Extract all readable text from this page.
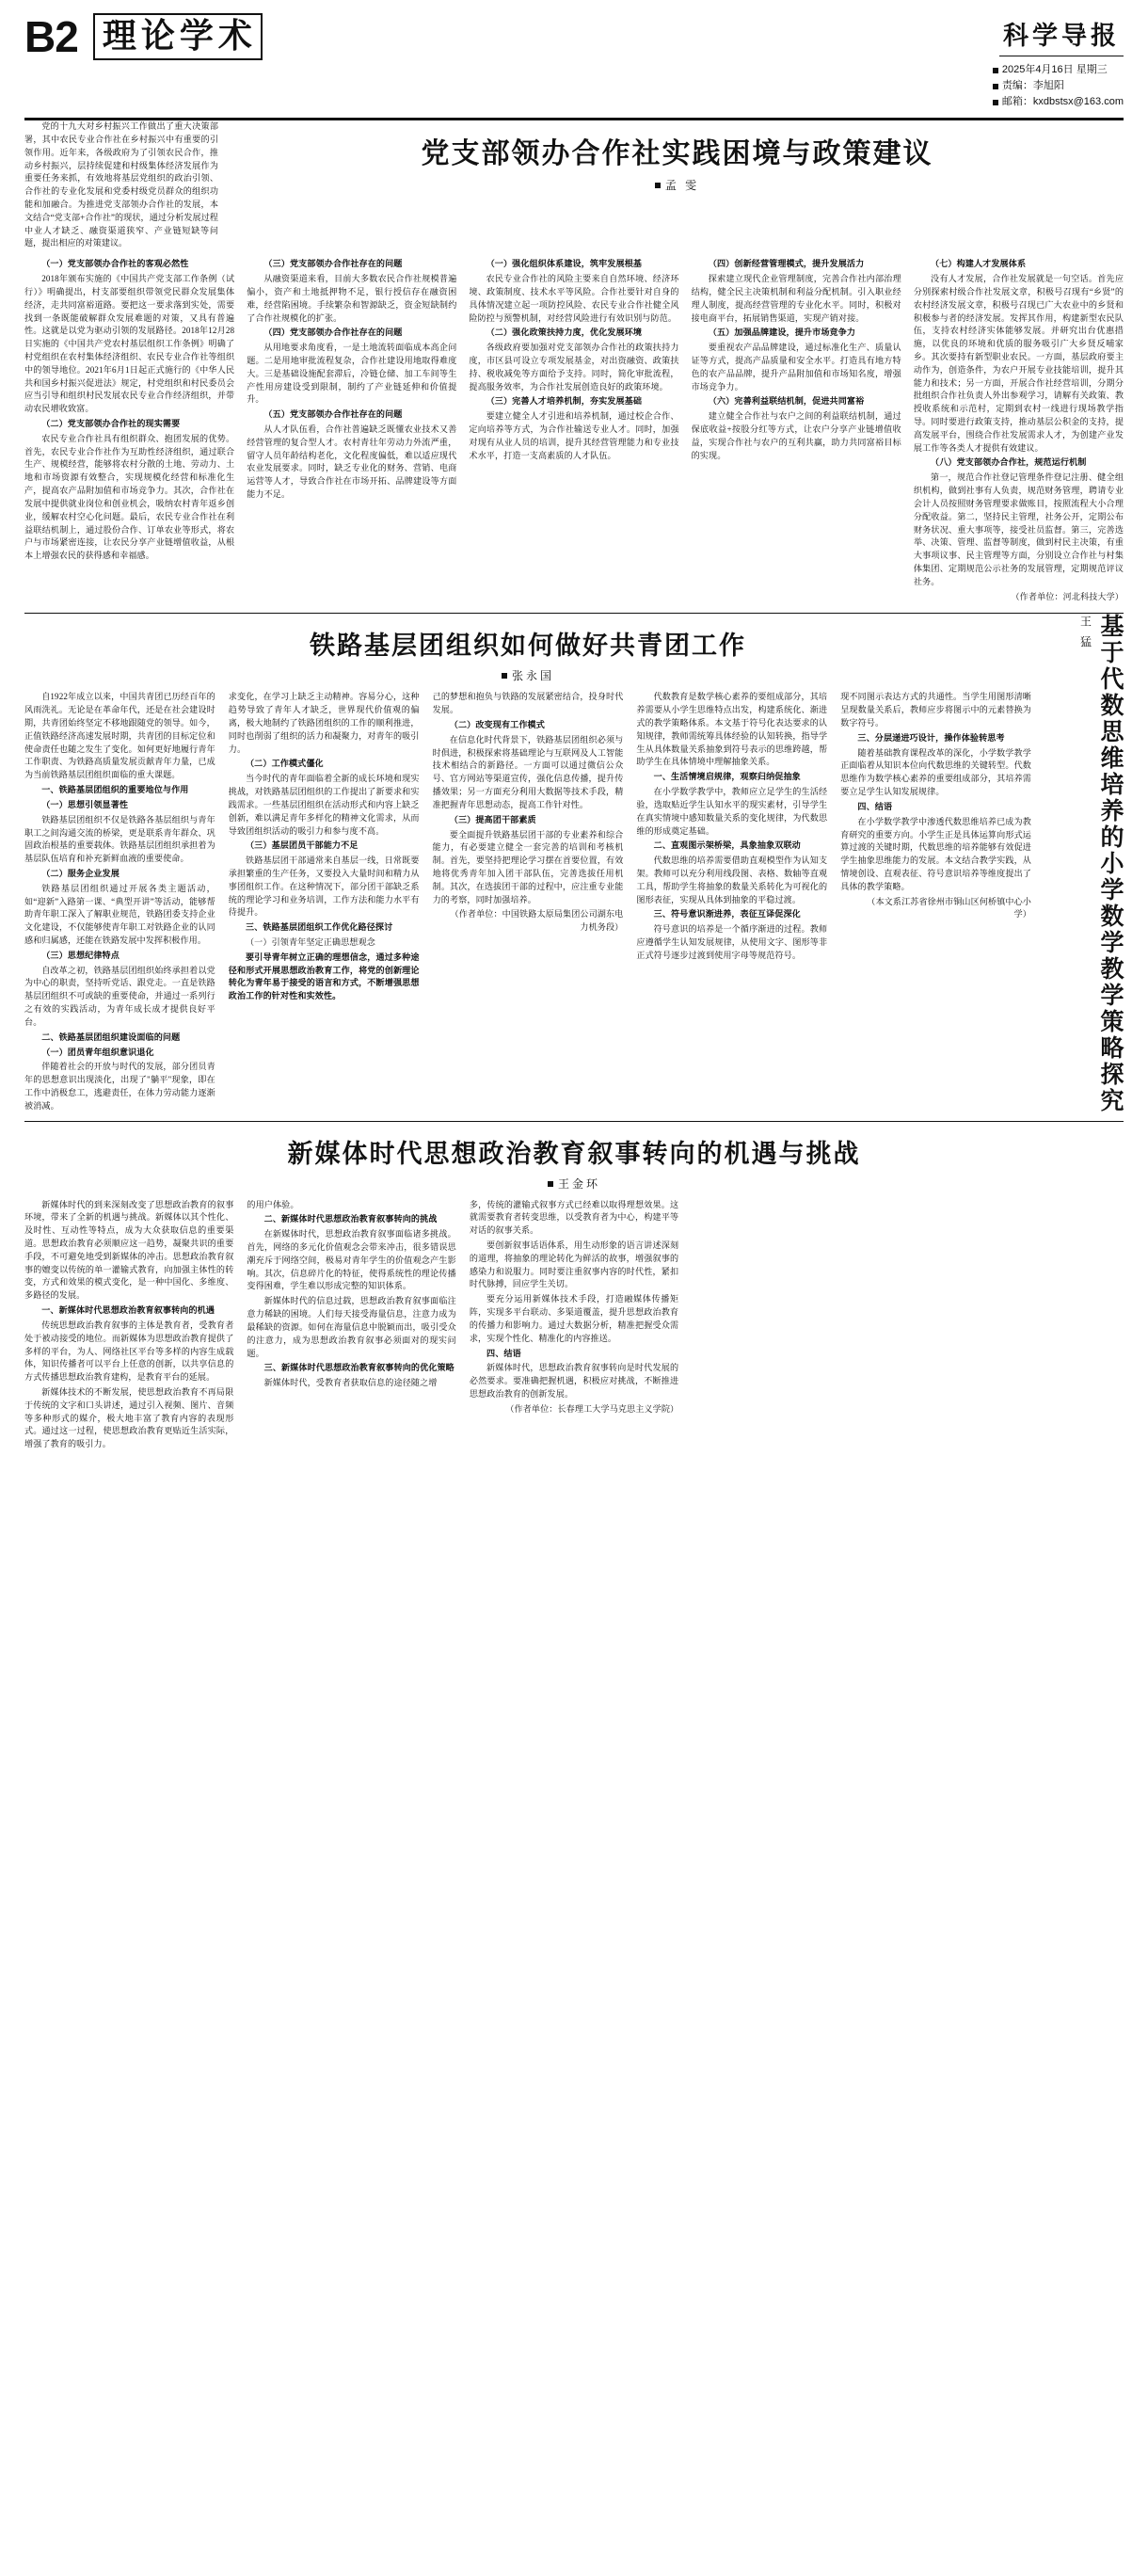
B2 理 论 学 术	科学导报
2025年4月16日 星期三
责编：李旭阳
邮箱：kxdbstsx@163.com

党的十九大对乡村振兴工作做出了重大决策部署，其中农民专业合作社在乡村振兴中有重要的引领作用。近年来，各级政府为了引领农民合作，推动乡村振兴，层持续促建和村级集体经济发展作为重要任务来抓，有效地将基层党组织的政治引领、合作社的专业化发展和党委村级党员群众的组织功能和加融合。为推进党支部领办合作社的发展，本文结合“党支部+合作社”的现状，通过分析发展过程中业人才缺乏、融资渠道狭窄、产业链短缺等问题，提出相应的对策建议。

党支部领办合作社实践困境与政策建议
孟 雯

（一）党支部领办合作社的客观必然性

2018年颁布实施的《中国共产党支部工作条例（试行）》明确提出，村支部要组织带领党民群众发展集体经济，走共同富裕道路。要把这一要求落到实处，需要找到一条既能破解群众发展难题的对策，又具有普遍性。这就是以党为驱动引领的发展路径。2018年12月28日实施的《中国共产党农村基层组织工作条例》明确了村党组织在农村集体经济组织、农民专业合作社等组织中的领导地位。2021年6月1日起正式施行的《中华人民共和国乡村振兴促进法》规定，村党组织和村民委员会应当引导和组织村民发展农民专业合作经济组织，并带动农民增收致富。

（二）党支部领办合作社的现实需要

农民专业合作社具有组织群众、抱团发展的优势。首先，农民专业合作社作为互助性经济组织，通过联合生产、规模经营，能够将农村分散的土地、劳动力、土地和市场资源有效整合，实现规模化经营和标准化生产，提高农产品附加值和市场竞争力。其次，合作社在发展中提供就业岗位和创业机会，吸纳农村青年返乡创业，缓解农村空心化问题。最后，农民专业合作社在利益联结机制上，通过股份合作、订单农业等形式，将农户与市场紧密连接，让农民分享产业链增值收益，从根本上增强农民的获得感和幸福感。

（三）党支部领办合作社存在的问题

从融资渠道来看，目前大多数农民合作社规模普遍偏小，资产和土地抵押物不足，银行授信存在融资困难，经营陷困境。手续繁杂和智源缺乏，资金短缺制约了合作社规模化的扩张。

（四）党支部领办合作社存在的问题

从用地要求角度看，一是土地流转面临成本高企问题。二是用地审批流程复杂，合作社建设用地取得难度大。三是基础设施配套滞后，冷链仓储、加工车间等生产性用房建设受到限制，制约了产业链延伸和价值提升。

（五）党支部领办合作社存在的问题

从人才队伍看，合作社普遍缺乏既懂农业技术又善经营管理的复合型人才。农村青壮年劳动力外流严重，留守人员年龄结构老化，文化程度偏低，难以适应现代农业发展要求。同时，缺乏专业化的财务、营销、电商运营等人才，导致合作社在市场开拓、品牌建设等方面能力不足。

（一）强化组织体系建设，筑牢发展根基

农民专业合作社的风险主要来自自然环境、经济环境、政策制度、技术水平等风险。合作社要针对自身的具体情况建立起一项防控风险、农民专业合作社健全风险防控与预警机制，对经营风险进行有效识别与防范。

（二）强化政策扶持力度，优化发展环境

各级政府要加强对党支部领办合作社的政策扶持力度，市区县可设立专项发展基金，对出资融资、政策扶持、税收减免等方面给予支持。同时，简化审批流程，提高服务效率，为合作社发展创造良好的政策环境。

（三）完善人才培养机制，夯实发展基础

要建立健全人才引进和培养机制，通过校企合作、定向培养等方式，为合作社输送专业人才。同时，加强对现有从业人员的培训，提升其经营管理能力和专业技术水平，打造一支高素质的人才队伍。

（四）创新经营管理模式，提升发展活力

探索建立现代企业管理制度，完善合作社内部治理结构，健全民主决策机制和利益分配机制。引入职业经理人制度，提高经营管理的专业化水平。同时，积极对接电商平台，拓展销售渠道，实现产销对接。

（五）加强品牌建设，提升市场竞争力

要重视农产品品牌建设，通过标准化生产、质量认证等方式，提高产品质量和安全水平。打造具有地方特色的农产品品牌，提升产品附加值和市场知名度，增强市场竞争力。

（六）完善利益联结机制，促进共同富裕

建立健全合作社与农户之间的利益联结机制，通过保底收益+按股分红等方式，让农户分享产业链增值收益，实现合作社与农户的互利共赢，助力共同富裕目标的实现。

（七）构建人才发展体系

没有人才发展，合作社发展就是一句空话。首先应分别探索村级合作社发展文章，积极号召现有“乡贤”的农村经济发展文章，积极号召现已广大农业中的乡贤和积极参与者的经济发展。发挥其作用，构建新型农民队伍，支持农村经济实体能够发展。并研究出台优惠措施，以优良的环境和优质的服务吸引广大乡贤反哺家乡。其次要持有新型职业农民。一方面，基层政府要主动作为，创造条件，为农户开展专业技能培训，提升其能力和技术；另一方面，开展合作社经营培训，分期分批组织合作社负责人外出参观学习，请解有关政策、教授收系统和示范村，定期到农村一线进行现场教学指导。同时要进行政策支持，推动基层公积金的支持，提高发展平台，围绕合作社发展需求人才，为创建产业发展工作等各类人才提供有效建议。

（八）党支部领办合作社，规范运行机制

第一，规范合作社登记管理条件登记注册、健全组织机构，做到社事有人负责，规范财务管理，聘请专业会计人员按照财务管理要求做账目，按照流程大小合理分配收益。第二，坚持民主管理，社务公开，定期公布财务状况、重大事项等，接受社员监督。第三，完善选举、决策、管理、监督等制度，做到村民主决策，有重大事项议事、民主管理等方面，分别设立合作社与村集体集团、定期规范公示社务的发展管理，定期规范评议社务。

（作者单位：河北科技大学）

铁路基层团组织如何做好共青团工作
张永国

自1922年成立以来，中国共青团已历经百年的风雨洗礼。无论是在革命年代，还是在社会建设时期，共青团始终坚定不移地跟随党的领导。如今，正值铁路经济高速发展时期，共青团的目标定位和使命责任也随之发生了变化。如何更好地履行青年工作职责、为铁路高质量发展贡献青年力量，已成为当前铁路基层团组织面临的重大课题。

一、铁路基层团组织的重要地位与作用

（一）思想引领显著性

铁路基层团组织不仅是铁路各基层组织与青年职工之间沟通交流的桥梁，更是联系青年群众、巩固政治根基的重要载体。铁路基层团组织承担着为基层队伍培育和补充新鲜血液的重要使命。

（二）服务企业发展

铁路基层团组织通过开展各类主题活动，如“迎新”入路第一课、“典型开讲”等活动，能够帮助青年职工深入了解职业规范，铁路团委支持企业文化建设，不仅能够使青年职工对铁路企业的认同感和归属感，还能在铁路发展中发挥积极作用。

（三）思想纪律特点

自改革之初，铁路基层团组织始终承担着以党为中心的职责，坚持听党话、跟党走。一直是铁路基层团组织不可或缺的重要使命，并通过一系列行之有效的实践活动，为青年成长成才提供良好平台。

二、铁路基层团组织建设面临的问题

（一）团员青年组织意识退化

伴随着社会的开放与时代的发展，部分团员青年的思想意识出现淡化，出现了"躺平"现象，即在工作中消极怠工，逃避责任，在体力劳动能力逐渐被消减。

求变化，在学习上缺乏主动精神。容易分心，这种趋势导致了青年人才缺乏，世界现代价值观的偏离，极大地制约了铁路团组织的工作的顺利推进，同时也削弱了组织的活力和凝聚力，对青年的吸引力。

（二）工作模式僵化

当今时代的青年面临着全新的成长环境和现实挑战，对铁路基层团组织的工作提出了新要求和实践需求。一些基层团组织在活动形式和内容上缺乏创新，难以满足青年多样化的精神文化需求，从而导致团组织活动的吸引力和参与度不高。

（三）基层团员干部能力不足

铁路基层团干部通常来自基层一线，日常既要承担繁重的生产任务，又要投入大量时间和精力从事团组织工作。在这种情况下，部分团干部缺乏系统的理论学习和业务培训，工作方法和能力水平有待提升。

三、铁路基层团组织工作优化路径探讨

（一）引领青年坚定正确思想观念

要引导青年树立正确的理想信念，通过多种途径和形式开展思想政治教育工作，将党的创新理论转化为青年易于接受的语言和方式，不断增强思想政治工作的针对性和实效性。

己的梦想和抱负与铁路的发展紧密结合，投身时代发展。

（二）改变现有工作模式

在信息化时代背景下，铁路基层团组织必须与时俱进，积极探索将基础理论与互联网及人工智能技术相结合的新路径。一方面可以通过微信公众号、官方网站等渠道宣传，强化信息传播，提升传播效果；另一方面充分利用大数据等技术手段，精准把握青年思想动态，提高工作针对性。

（三）提高团干部素质

要全面提升铁路基层团干部的专业素养和综合能力，有必要建立健全一套完善的培训和考核机制。首先，要坚持把理论学习摆在首要位置，有效地将优秀青年加入团干部队伍，完善选拔任用机制。其次，在选拔团干部的过程中，应注重专业能力的考察，同时加强培养。

（作者单位：中国铁路太原局集团公司湖东电力机务段）

代数教育是数学核心素养的要组成部分，其培养需要从小学生思维特点出发，构建系统化、渐进式的教学策略体系。本文基于符号化表达要求的认知规律，教师需统筹具体经验的认知转换，指导学生从具体数量关系抽象到符号表示的思维跨越，帮助学生在具体情境中理解抽象关系。

一、生活情境启规律，观察归纳促抽象

在小学数学教学中，教师应立足学生的生活经验，选取贴近学生认知水平的现实素材，引导学生在真实情境中感知数量关系的变化规律，为代数思维的形成奠定基础。

二、直观图示架桥梁，具象抽象双联动

代数思维的培养需要借助直观模型作为认知支架。教师可以充分利用线段图、表格、数轴等直观工具，帮助学生将抽象的数量关系转化为可视化的图形表征，实现从具体到抽象的平稳过渡。

三、符号意识渐进养，表征互译促深化

符号意识的培养是一个循序渐进的过程。教师应遵循学生认知发展规律，从使用文字、图形等非正式符号逐步过渡到使用字母等规范符号。

现不同图示表达方式的共通性。当学生用图形清晰呈现数量关系后，教师应步将图示中的元素替换为数字符号。

三、分层递进巧设计，操作体验转思考

随着基础教育课程改革的深化，小学数学教学正面临着从知识本位向代数思维的关键转型。代数思维作为数学核心素养的重要组成部分，其培养需要立足学生认知发展规律。

四、结语

在小学数学教学中渗透代数思维培养已成为教育研究的重要方向。小学生正是具体运算向形式运算过渡的关键时期，代数思维的培养能够有效促进学生抽象思维能力的发展。本文结合教学实践，从情境创设、直观表征、符号意识培养等维度提出了具体的教学策略。

（本文系江苏省徐州市铜山区何桥镇中心小学）	基于代数思维培养的小学数学教学策略探究
王 猛
新媒体时代思想政治教育叙事转向的机遇与挑战
王金环

新媒体时代的到来深刻改变了思想政治教育的叙事环境，带来了全新的机遇与挑战。新媒体以其个性化、及时性、互动性等特点，成为大众获取信息的重要渠道。思想政治教育必须顺应这一趋势，凝聚共识的重要手段，不可避免地受到新媒体的冲击。思想政治教育叙事的嬗变以传统的单一灌输式教育，向加强主体性的转变，方式和效果的模式变化，是一种中国化、多维度、多路径的发展。

一、新媒体时代思想政治教育叙事转向的机遇

传统思想政治教育叙事的主体是教育者，受教育者处于被动接受的地位。而新媒体为思想政治教育提供了多样的平台，为人、网络社区平台等多样的内容生成载体，知识传播者可以平台上任意的创新，以共享信息的方式传播思想政治教育建构，是教育平台的延展。

新媒体技术的不断发展，使思想政治教育不再局限于传统的文字和口头讲述，通过引入视频、图片、音频等多种形式的媒介，极大地丰富了教育内容的表现形式。通过这一过程，使思想政治教育更贴近生活实际，增强了教育的吸引力。

的用户体验。

二、新媒体时代思想政治教育叙事转向的挑战

在新媒体时代，思想政治教育叙事面临诸多挑战。首先，网络的多元化价值观念会带来冲击，很多错误思潮充斥于网络空间，极易对青年学生的价值观念产生影响。其次，信息碎片化的特征，使得系统性的理论传播变得困难，学生难以形成完整的知识体系。

新媒体时代的信息过载，思想政治教育叙事面临注意力稀缺的困境。人们每天接受海量信息，注意力成为最稀缺的资源。如何在海量信息中脱颖而出，吸引受众的注意力，成为思想政治教育叙事必须面对的现实问题。

三、新媒体时代思想政治教育叙事转向的优化策略

新媒体时代，受教育者获取信息的途径随之增

多，传统的灌输式叙事方式已经难以取得理想效果。这就需要教育者转变思维，以受教育者为中心，构建平等对话的叙事关系。

要创新叙事话语体系，用生动形象的语言讲述深刻的道理，将抽象的理论转化为鲜活的故事，增强叙事的感染力和说服力。同时要注重叙事内容的时代性，紧扣时代脉搏，回应学生关切。

要充分运用新媒体技术手段，打造融媒体传播矩阵，实现多平台联动、多渠道覆盖，提升思想政治教育的传播力和影响力。通过大数据分析，精准把握受众需求，实现个性化、精准化的内容推送。

四、结语

新媒体时代，思想政治教育叙事转向是时代发展的必然要求。要准确把握机遇，积极应对挑战，不断推进思想政治教育的创新发展。

（作者单位：长春理工大学马克思主义学院）
